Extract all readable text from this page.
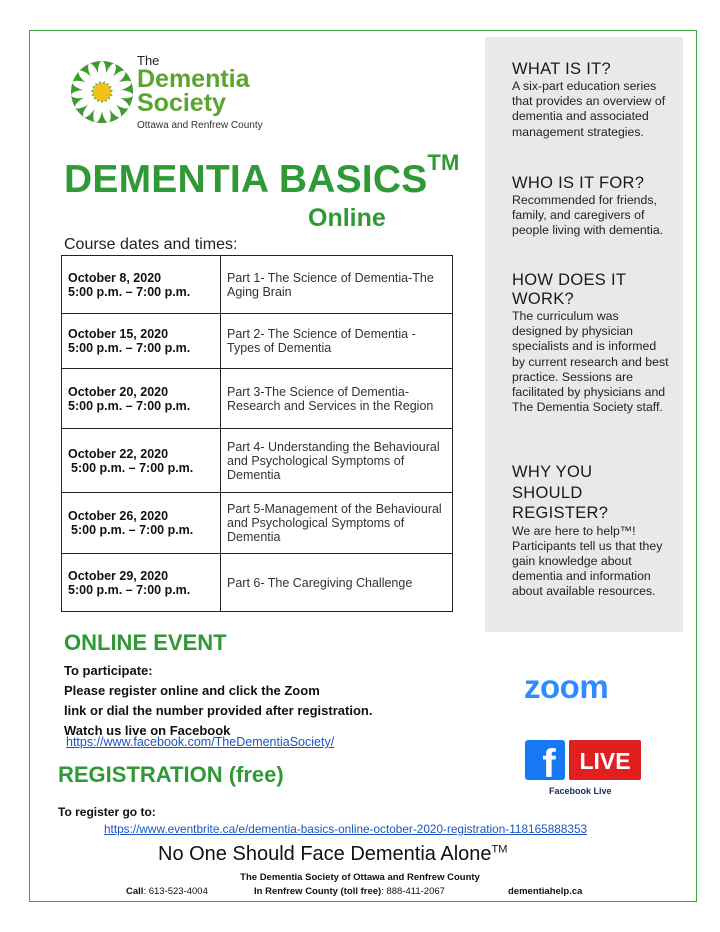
The
Dementia
Society
Ottawa and Renfrew County
DEMENTIA BASICS™
Online
Course dates and times:
October 8, 2020
5:00 p.m. – 7:00 p.m.	Part 1- The Science of Dementia-The Aging Brain

October 15, 2020
5:00 p.m. – 7:00 p.m.	Part 2- The Science of Dementia - Types of Dementia

October 20, 2020
5:00 p.m. – 7:00 p.m.	Part 3-The Science of Dementia-Research and Services in the Region

October 22, 2020
5:00 p.m. – 7:00 p.m.	Part 4- Understanding the Behavioural and Psychological Symptoms of Dementia

October 26, 2020
5:00 p.m. – 7:00 p.m.	Part 5-Management of the Behavioural and Psychological Symptoms of Dementia

October 29, 2020
5:00 p.m. – 7:00 p.m.	Part 6- The Caregiving Challenge
WHAT IS IT?

A six-part education series that provides an overview of dementia and associated management strategies.

WHO IS IT FOR?

Recommended for friends, family, and caregivers of people living with dementia.

HOW DOES IT WORK?

The curriculum was designed by physician specialists and is informed by current research and best practice. Sessions are facilitated by physicians and The Dementia Society staff.

WHY YOU SHOULD REGISTER?

We are here to help™! Participants tell us that they gain knowledge about dementia and information about available resources.

ONLINE EVENT
To participate:
Please register online and click the Zoom
link or dial the number provided after registration.
Watch us live on Facebook
https://www.facebook.com/TheDementiaSociety/
zoom
f LIVE
Facebook Live
REGISTRATION (free)
To register go to:
https://www.eventbrite.ca/e/dementia-basics-online-october-2020-registration-118165888353
No One Should Face Dementia Alone™
The Dementia Society of Ottawa and Renfrew County
Call: 613-523-4004	In Renfrew County (toll free): 888-411-2067	dementiahelp.ca
